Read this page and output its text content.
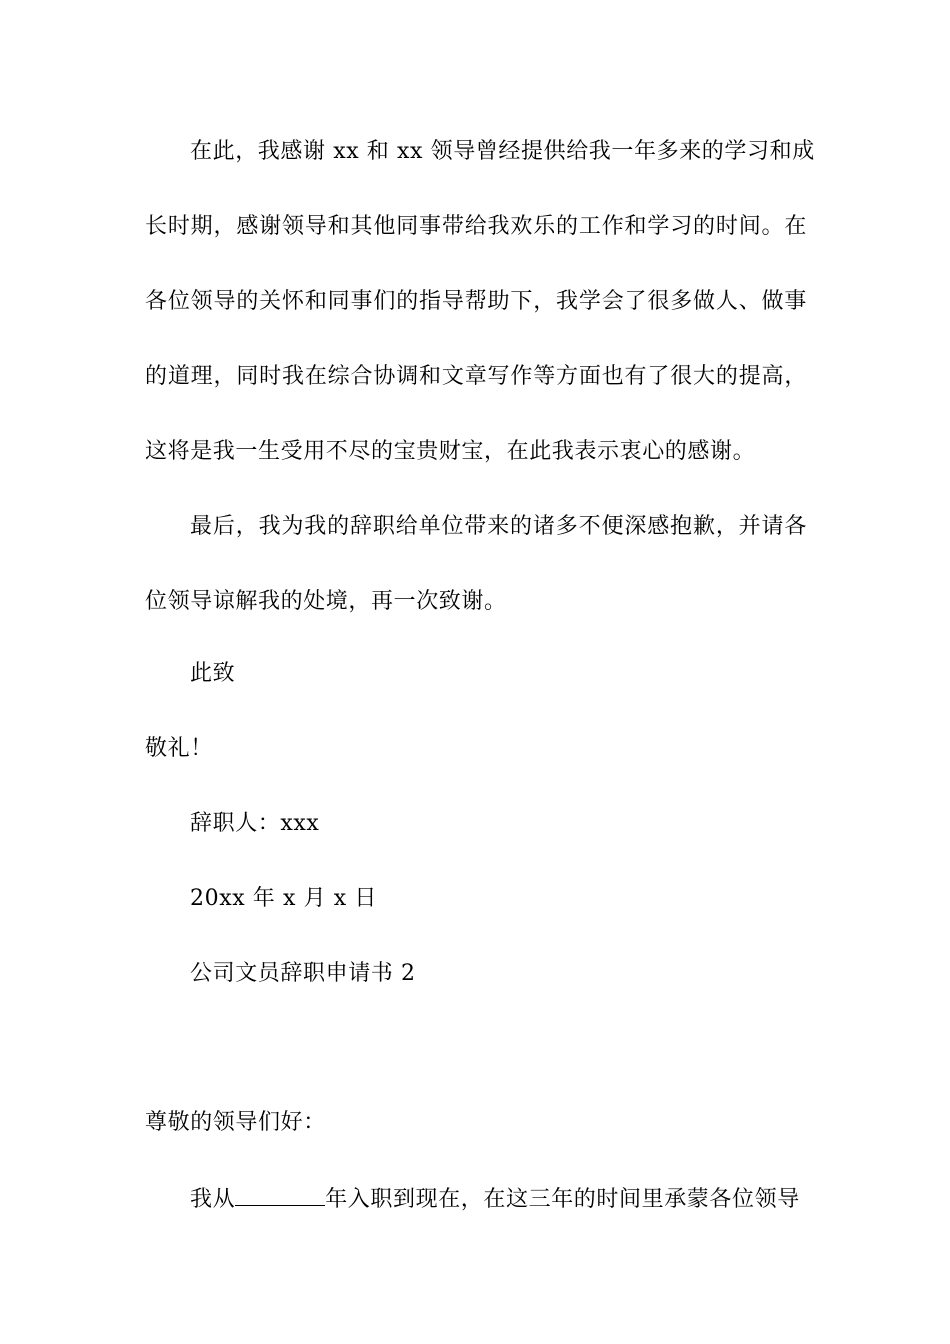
在此，我感谢 xx 和 xx 领导曾经提供给我一年多来的学习和成
长时期，感谢领导和其他同事带给我欢乐的工作和学习的时间。在
各位领导的关怀和同事们的指导帮助下，我学会了很多做人、做事
的道理，同时我在综合协调和文章写作等方面也有了很大的提高，
这将是我一生受用不尽的宝贵财宝，在此我表示衷心的感谢。
最后，我为我的辞职给单位带来的诸多不便深感抱歉，并请各
位领导谅解我的处境，再一次致谢。
此致
敬礼！
辞职人：xxx
20xx 年 x 月 x 日
公司文员辞职申请书 2
尊敬的领导们好：
我从	年入职到现在，在这三年的时间里承蒙各位领导
